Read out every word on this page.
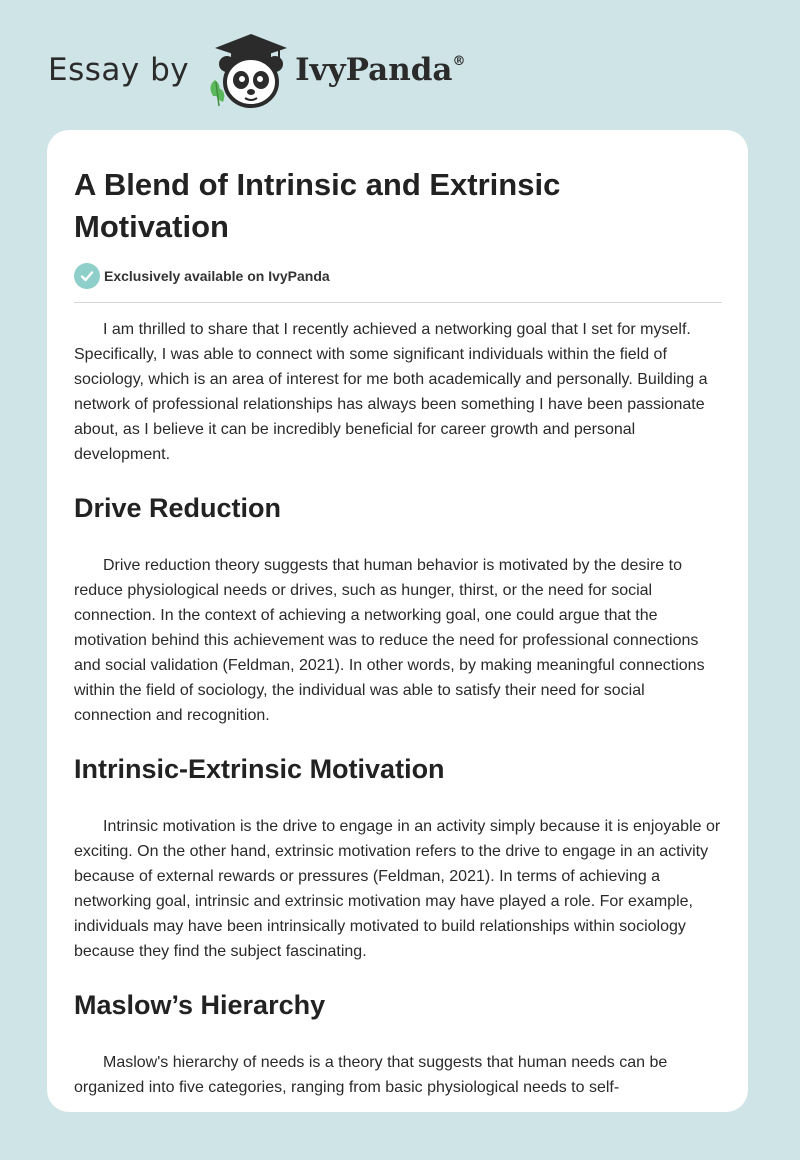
Essay by	IvyPanda®
A Blend of Intrinsic and Extrinsic Motivation
Exclusively available on IvyPanda

I am thrilled to share that I recently achieved a networking goal that I set for myself. Specifically, I was able to connect with some significant individuals within the field of sociology, which is an area of interest for me both academically and personally. Building a network of professional relationships has always been something I have been passionate about, as I believe it can be incredibly beneficial for career growth and personal development.

Drive Reduction

Drive reduction theory suggests that human behavior is motivated by the desire to reduce physiological needs or drives, such as hunger, thirst, or the need for social connection. In the context of achieving a networking goal, one could argue that the motivation behind this achievement was to reduce the need for professional connections and social validation (Feldman, 2021). In other words, by making meaningful connections within the field of sociology, the individual was able to satisfy their need for social connection and recognition.

Intrinsic-Extrinsic Motivation

Intrinsic motivation is the drive to engage in an activity simply because it is enjoyable or exciting. On the other hand, extrinsic motivation refers to the drive to engage in an activity because of external rewards or pressures (Feldman, 2021). In terms of achieving a networking goal, intrinsic and extrinsic motivation may have played a role. For example, individuals may have been intrinsically motivated to build relationships within sociology because they find the subject fascinating.

Maslow’s Hierarchy

Maslow's hierarchy of needs is a theory that suggests that human needs can be organized into five categories, ranging from basic physiological needs to self-
